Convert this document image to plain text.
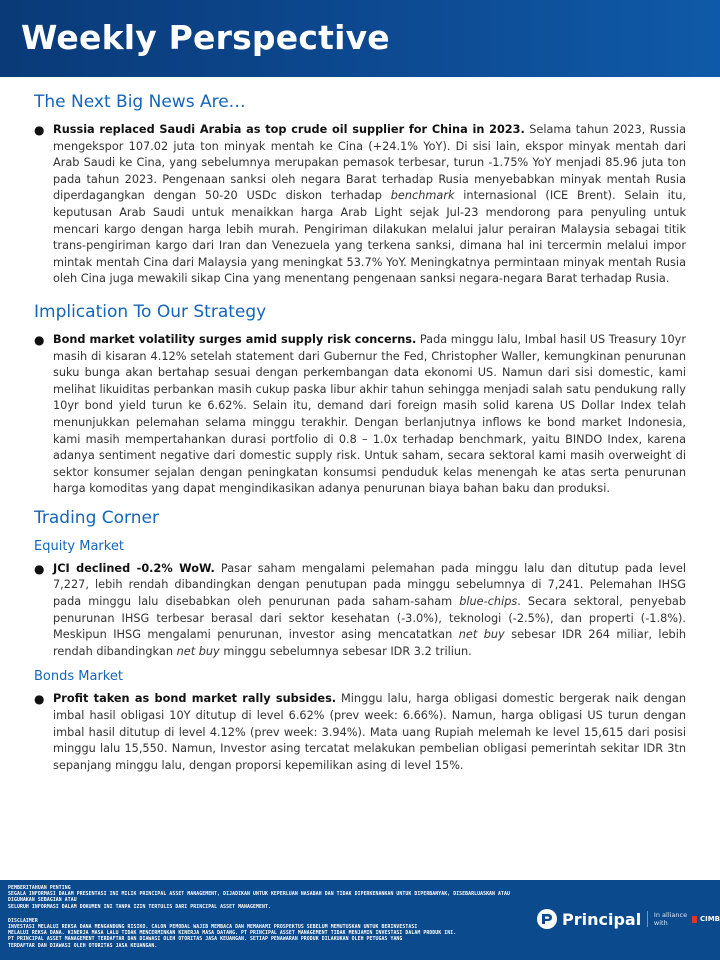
Weekly Perspective
The Next Big News Are…

● Russia replaced Saudi Arabia as top crude oil supplier for China in 2023. Selama tahun 2023, Russia mengekspor 107.02 juta ton minyak mentah ke Cina (+24.1% YoY). Di sisi lain, ekspor minyak mentah dari Arab Saudi ke Cina, yang sebelumnya merupakan pemasok terbesar, turun -1.75% YoY menjadi 85.96 juta ton pada tahun 2023. Pengenaan sanksi oleh negara Barat terhadap Rusia menyebabkan minyak mentah Rusia diperdagangkan dengan 50-20 USDc diskon terhadap benchmark internasional (ICE Brent). Selain itu, keputusan Arab Saudi untuk menaikkan harga Arab Light sejak Jul-23 mendorong para penyuling untuk mencari kargo dengan harga lebih murah. Pengiriman dilakukan melalui jalur perairan Malaysia sebagai titik trans-pengiriman kargo dari Iran dan Venezuela yang terkena sanksi, dimana hal ini tercermin melalui impor mintak mentah Cina dari Malaysia yang meningkat 53.7% YoY. Meningkatnya permintaan minyak mentah Rusia oleh Cina juga mewakili sikap Cina yang menentang pengenaan sanksi negara-negara Barat terhadap Rusia.

Implication To Our Strategy

● Bond market volatility surges amid supply risk concerns. Pada minggu lalu, Imbal hasil US Treasury 10yr masih di kisaran 4.12% setelah statement dari Gubernur the Fed, Christopher Waller, kemungkinan penurunan suku bunga akan bertahap sesuai dengan perkembangan data ekonomi US. Namun dari sisi domestic, kami melihat likuiditas perbankan masih cukup paska libur akhir tahun sehingga menjadi salah satu pendukung rally 10yr bond yield turun ke 6.62%. Selain itu, demand dari foreign masih solid karena US Dollar Index telah menunjukkan pelemahan selama minggu terakhir. Dengan berlanjutnya inflows ke bond market Indonesia, kami masih mempertahankan durasi portfolio di 0.8 – 1.0x terhadap benchmark, yaitu BINDO Index, karena adanya sentiment negative dari domestic supply risk. Untuk saham, secara sektoral kami masih overweight di sektor konsumer sejalan dengan peningkatan konsumsi penduduk kelas menengah ke atas serta penurunan harga komoditas yang dapat mengindikasikan adanya penurunan biaya bahan baku dan produksi.

Trading Corner
Equity Market

● JCI declined -0.2% WoW. Pasar saham mengalami pelemahan pada minggu lalu dan ditutup pada level 7,227, lebih rendah dibandingkan dengan penutupan pada minggu sebelumnya di 7,241. Pelemahan IHSG pada minggu lalu disebabkan oleh penurunan pada saham-saham blue-chips. Secara sektoral, penyebab penurunan IHSG terbesar berasal dari sektor kesehatan (-3.0%), teknologi (-2.5%), dan properti (-1.8%). Meskipun IHSG mengalami penurunan, investor asing mencatatkan net buy sebesar IDR 264 miliar, lebih rendah dibandingkan net buy minggu sebelumnya sebesar IDR 3.2 triliun.

Bonds Market

● Profit taken as bond market rally subsides. Minggu lalu, harga obligasi domestic bergerak naik dengan imbal hasil obligasi 10Y ditutup di level 6.62% (prev week: 6.66%). Namun, harga obligasi US turun dengan imbal hasil ditutup di level 4.12% (prev week: 3.94%). Mata uang Rupiah melemah ke level 15,615 dari posisi minggu lalu 15,550. Namun, Investor asing tercatat melakukan pembelian obligasi pemerintah sekitar IDR 3tn sepanjang minggu lalu, dengan proporsi kepemilikan asing di level 15%.

PEMBERITAHUAN PENTING

SEGALA INFORMASI DALAM PRESENTASI INI MILIK PRINCIPAL ASSET MANAGEMENT, DIJADIKAN UNTUK KEPERLUAN NASABAH DAN TIDAK DIPERKENANKAN UNTUK DIPERBANYAK, DISEBARLUASKAN ATAU DIGUNAKAN SEBAGIAN ATAU

SELURUH INFORMASI DALAM DOKUMEN INI TANPA IZIN TERTULIS DARI PRINCIPAL ASSET MANAGEMENT.

DISCLAIMER

INVESTASI MELALUI REKSA DANA MENGANDUNG RISIKO. CALON PEMODAL WAJIB MEMBACA DAN MEMAHAMI PROSPEKTUS SEBELUM MEMUTUSKAN UNTUK BERINVESTASI

MELALUI REKSA DANA. KINERJA MASA LALU TIDAK MENCERMINKAN KINERJA MASA DATANG. PT PRINCIPAL ASSET MANAGEMENT TIDAK MENJAMIN INVESTASI DALAM PRODUK INI.

PT PRINCIPAL ASSET MANAGEMENT TERDAFTAR DAN DIAWASI OLEH OTORITAS JASA KEUANGAN. SETIAP PENAWARAN PRODUK DILAKUKAN OLEH PETUGAS YANG

TERDAFTAR DAN DIAWASI OLEH OTORITAS JASA KEUANGAN.

Principal In alliance with	CIMB
